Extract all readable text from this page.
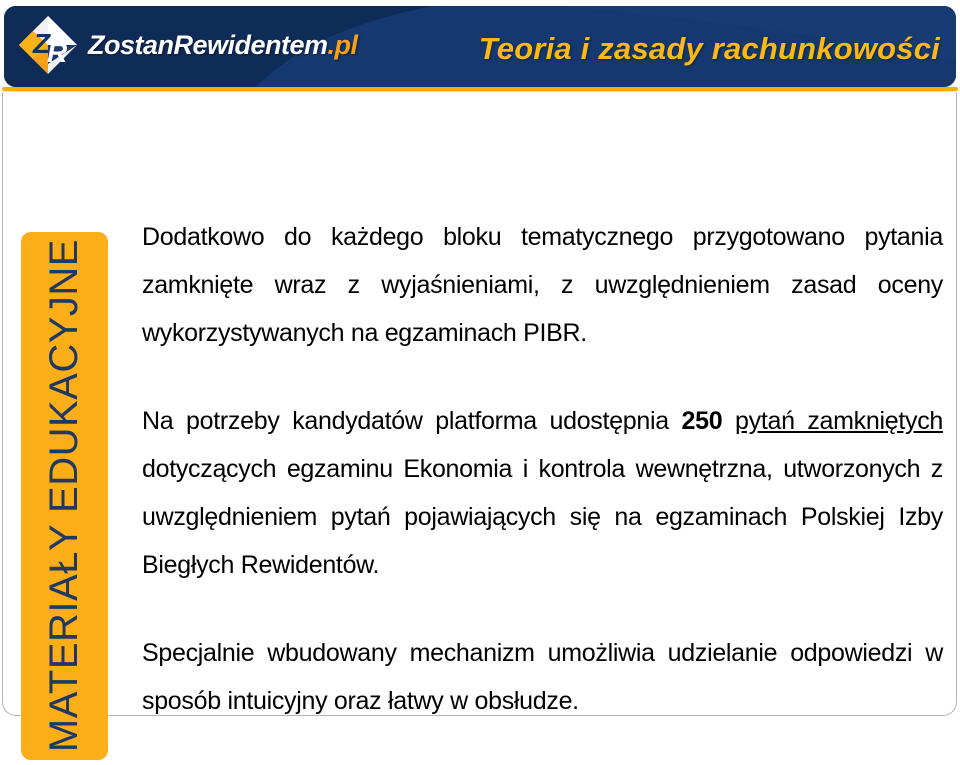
Z
R ZostanRewidentem.pl	Teoria i zasady rachunkowości
MATERIAŁY EDUKACYJNE

Dodatkowo do każdego bloku tematycznego przygotowano pytania zamknięte wraz z wyjaśnieniami, z uwzględnieniem zasad oceny wykorzystywanych na egzaminach PIBR.

Na potrzeby kandydatów platforma udostępnia 250 pytań zamkniętych dotyczących egzaminu Ekonomia i kontrola wewnętrzna, utworzonych z uwzględnieniem pytań pojawiających się na egzaminach Polskiej Izby Biegłych Rewidentów.

Specjalnie wbudowany mechanizm umożliwia udzielanie odpowiedzi w sposób intuicyjny oraz łatwy w obsłudze.
